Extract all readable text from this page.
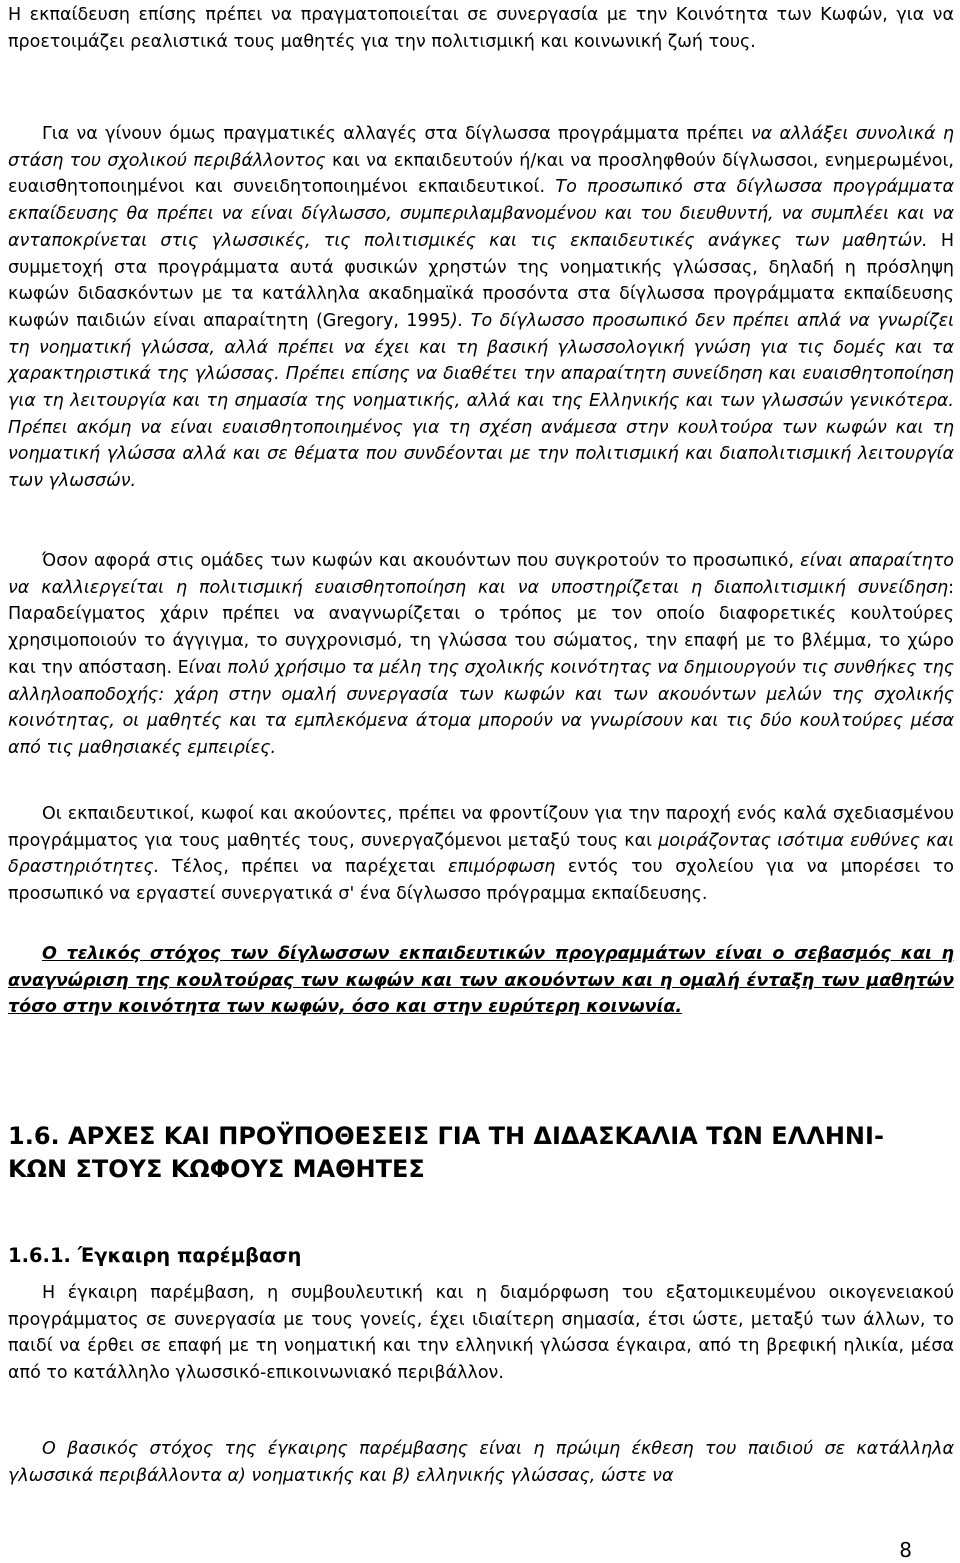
Η εκπαίδευση επίσης πρέπει να πραγματοποιείται σε συνεργασία με την Κοινότητα των Κωφών, για να προετοιμάζει ρεαλιστικά τους μαθητές για την πολιτισμική και κοινωνική ζωή τους.

Για να γίνουν όμως πραγματικές αλλαγές στα δίγλωσσα προγράμματα πρέπει να αλλάξει συνολικά η στάση του σχολικού περιβάλλοντος και να εκπαιδευτούν ή/και να προσληφθούν δίγλωσσοι, ενημερωμένοι, ευαισθητοποιημένοι και συνειδητοποιημένοι εκπαιδευτικοί. Το προσωπικό στα δίγλωσσα προγράμματα εκπαίδευσης θα πρέπει να είναι δίγλωσσο, συμπεριλαμβανομένου και του διευθυντή, να συμπλέει και να ανταποκρίνεται στις γλωσσικές, τις πολιτισμικές και τις εκπαιδευτικές ανάγκες των μαθητών. Η συμμετοχή στα προγράμματα αυτά φυσικών χρηστών της νοηματικής γλώσσας, δηλαδή η πρόσληψη κωφών διδασκόντων με τα κατάλληλα ακαδημαϊκά προσόντα στα δίγλωσσα προγράμματα εκπαίδευσης κωφών παιδιών είναι απαραίτητη (Gregory, 1995). Το δίγλωσσο προσωπικό δεν πρέπει απλά να γνωρίζει τη νοηματική γλώσσα, αλλά πρέπει να έχει και τη βασική γλωσσολογική γνώση για τις δομές και τα χαρακτηριστικά της γλώσσας. Πρέπει επίσης να διαθέτει την απαραίτητη συνείδηση και ευαισθητοποίηση για τη λειτουργία και τη σημασία της νοηματικής, αλλά και της Ελληνικής και των γλωσσών γενικότερα. Πρέπει ακόμη να είναι ευαισθητοποιημένος για τη σχέση ανάμεσα στην κουλτούρα των κωφών και τη νοηματική γλώσσα αλλά και σε θέματα που συνδέονται με την πολιτισμική και διαπολιτισμική λειτουργία των γλωσσών.

Όσον αφορά στις ομάδες των κωφών και ακουόντων που συγκροτούν το προσωπικό, είναι απαραίτητο να καλλιεργείται η πολιτισμική ευαισθητοποίηση και να υποστηρίζεται η διαπολιτισμική συνείδηση: Παραδείγματος χάριν πρέπει να αναγνωρίζεται ο τρόπος με τον οποίο διαφορετικές κουλτούρες χρησιμοποιούν το άγγιγμα, το συγχρονισμό, τη γλώσσα του σώματος, την επαφή με το βλέμμα, το χώρο και την απόσταση. Είναι πολύ χρήσιμο τα μέλη της σχολικής κοινότητας να δημιουργούν τις συνθήκες της αλληλοαποδοχής: χάρη στην ομαλή συνεργασία των κωφών και των ακουόντων μελών της σχολικής κοινότητας, οι μαθητές και τα εμπλεκόμενα άτομα μπορούν να γνωρίσουν και τις δύο κουλτούρες μέσα από τις μαθησιακές εμπειρίες.

Οι εκπαιδευτικοί, κωφοί και ακούοντες, πρέπει να φροντίζουν για την παροχή ενός καλά σχεδιασμένου προγράμματος για τους μαθητές τους, συνεργαζόμενοι μεταξύ τους και μοιράζοντας ισότιμα ευθύνες και δραστηριότητες. Τέλος, πρέπει να παρέχεται επιμόρφωση εντός του σχολείου για να μπορέσει το προσωπικό να εργαστεί συνεργατικά σ' ένα δίγλωσσο πρόγραμμα εκπαίδευσης.

Ο τελικός στόχος των δίγλωσσων εκπαιδευτικών προγραμμάτων είναι ο σεβασμός και η αναγνώριση της κουλτούρας των κωφών και των ακουόντων και η ομαλή ένταξη των μαθητών τόσο στην κοινότητα των κωφών, όσο και στην ευρύτερη κοινωνία.

1.6. ΑΡΧΕΣ ΚΑΙ ΠΡΟΫΠΟΘΕΣΕΙΣ ΓΙΑ ΤΗ ΔΙΔΑΣΚΑΛΙΑ ΤΩΝ ΕΛΛΗΝΙ-
ΚΩΝ ΣΤΟΥΣ ΚΩΦΟΥΣ ΜΑΘΗΤΕΣ
1.6.1. Έγκαιρη παρέμβαση

Η έγκαιρη παρέμβαση, η συμβουλευτική και η διαμόρφωση του εξατομικευμένου οικογενειακού προγράμματος σε συνεργασία με τους γονείς, έχει ιδιαίτερη σημασία, έτσι ώστε, μεταξύ των άλλων, το παιδί να έρθει σε επαφή με τη νοηματική και την ελληνική γλώσσα έγκαιρα, από τη βρεφική ηλικία, μέσα από το κατάλληλο γλωσσικό-επικοινωνιακό περιβάλλον.

Ο βασικός στόχος της έγκαιρης παρέμβασης είναι η πρώιμη έκθεση του παιδιού σε κατάλληλα γλωσσικά περιβάλλοντα α) νοηματικής και β) ελληνικής γλώσσας, ώστε να

8
